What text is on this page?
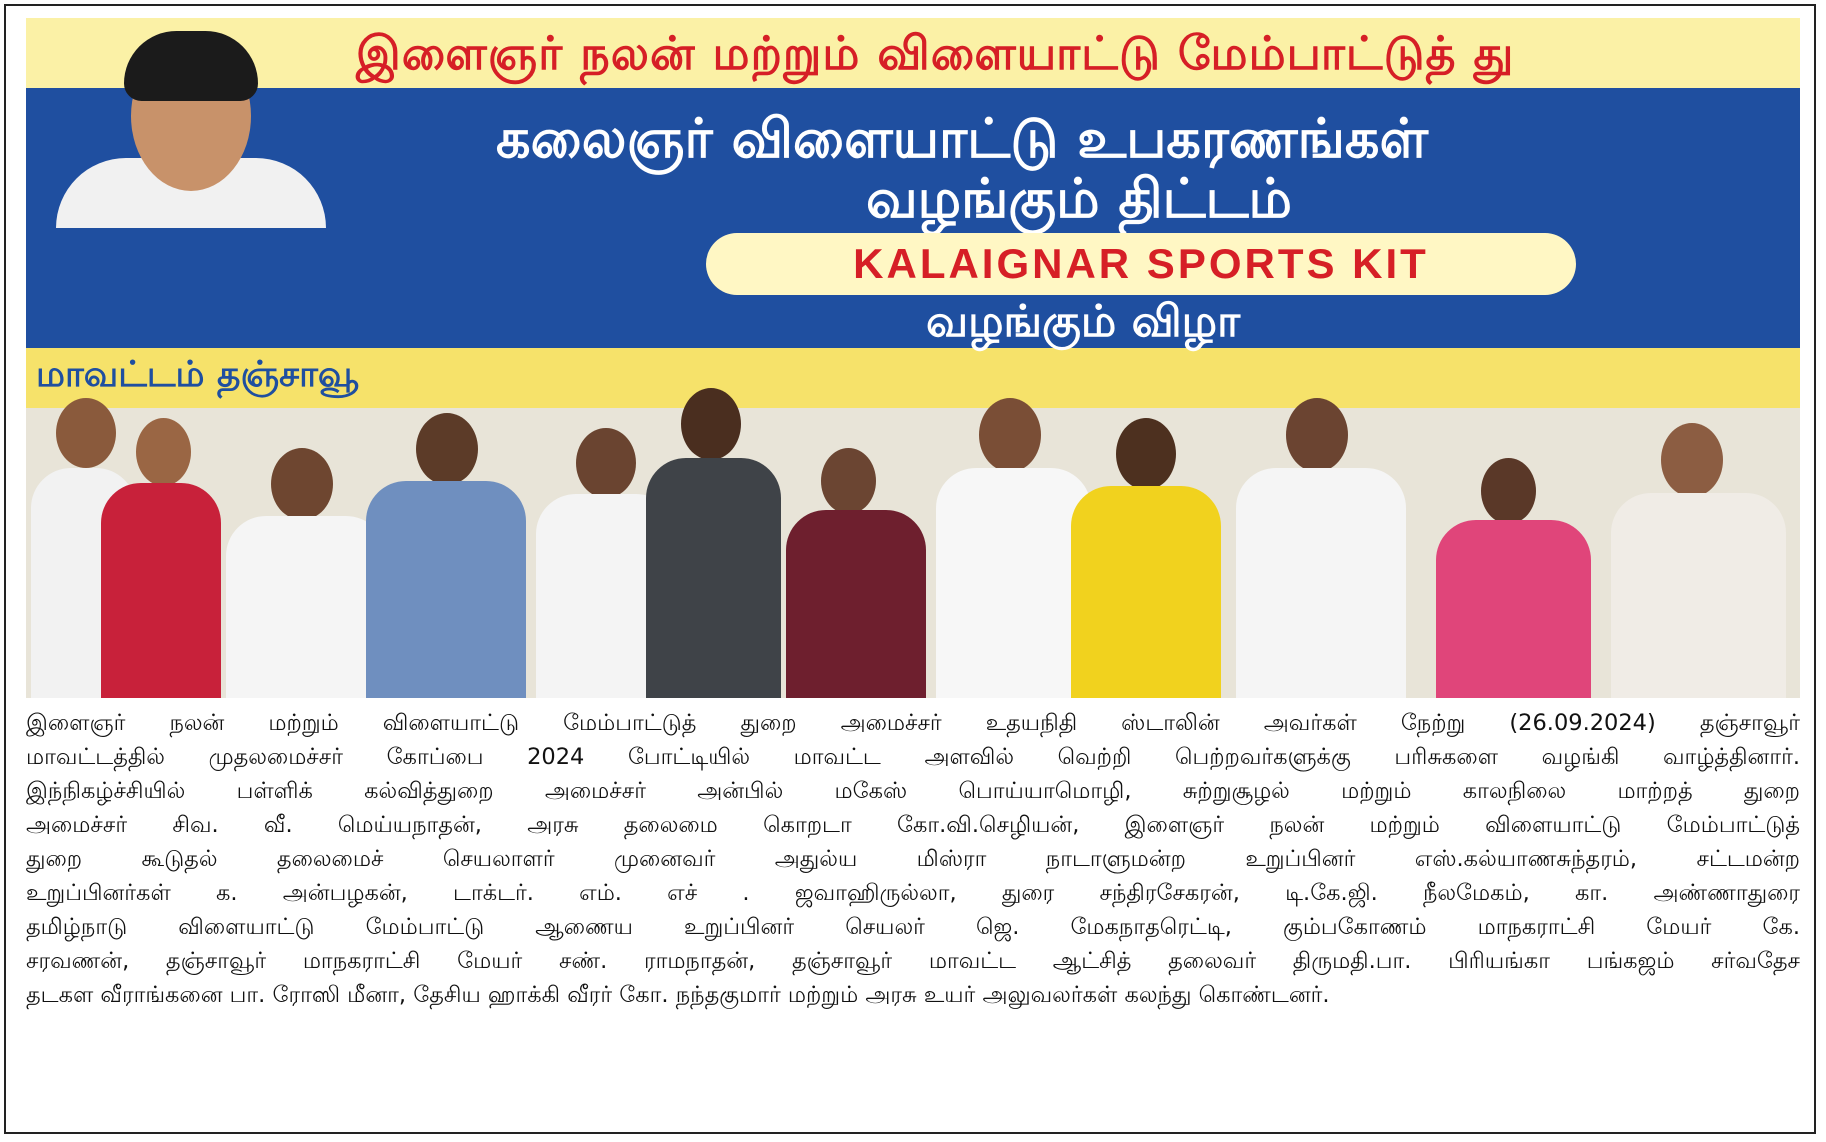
இளைஞர் நலன் மற்றும் விளையாட்டு மேம்பாட்டுத் து
கலைஞர் விளையாட்டு உபகரணங்கள்
வழங்கும் திட்டம்
KALAIGNAR SPORTS KIT
வழங்கும் விழா
மாவட்டம் தஞ்சாவூ
இளைஞர் நலன் மற்றும் விளையாட்டு மேம்பாட்டுத் துறை அமைச்சர் உதயநிதி ஸ்டாலின் அவர்கள் நேற்று (26.09.2024) தஞ்சாவூர்
மாவட்டத்தில் முதலமைச்சர் கோப்பை 2024 போட்டியில் மாவட்ட அளவில் வெற்றி பெற்றவர்களுக்கு பரிசுகளை வழங்கி வாழ்த்தினார்.
இந்நிகழ்ச்சியில் பள்ளிக் கல்வித்துறை அமைச்சர் அன்பில் மகேஸ் பொய்யாமொழி, சுற்றுசூழல் மற்றும் காலநிலை மாற்றத் துறை
அமைச்சர் சிவ. வீ. மெய்யநாதன், அரசு தலைமை கொறடா கோ.வி.செழியன், இளைஞர் நலன் மற்றும் விளையாட்டு மேம்பாட்டுத்
துறை கூடுதல் தலைமைச் செயலாளர் முனைவர் அதுல்ய மிஸ்ரா நாடாளுமன்ற உறுப்பினர் எஸ்.கல்யாணசுந்தரம், சட்டமன்ற
உறுப்பினர்கள் க. அன்பழகன், டாக்டர். எம். எச் . ஜவாஹிருல்லா, துரை சந்திரசேகரன், டி.கே.ஜி. நீலமேகம், கா. அண்ணாதுரை
தமிழ்நாடு விளையாட்டு மேம்பாட்டு ஆணைய உறுப்பினர் செயலர் ஜெ. மேகநாதரெட்டி, கும்பகோணம் மாநகராட்சி மேயர் கே.
சரவணன், தஞ்சாவூர் மாநகராட்சி மேயர் சண். ராமநாதன், தஞ்சாவூர் மாவட்ட ஆட்சித் தலைவர் திருமதி.பா. பிரியங்கா பங்கஜம் சர்வதேச
தடகள வீராங்கனை பா. ரோஸி மீனா, தேசிய ஹாக்கி வீரர் கோ. நந்தகுமார் மற்றும் அரசு உயர் அலுவலர்கள் கலந்து கொண்டனர்.
